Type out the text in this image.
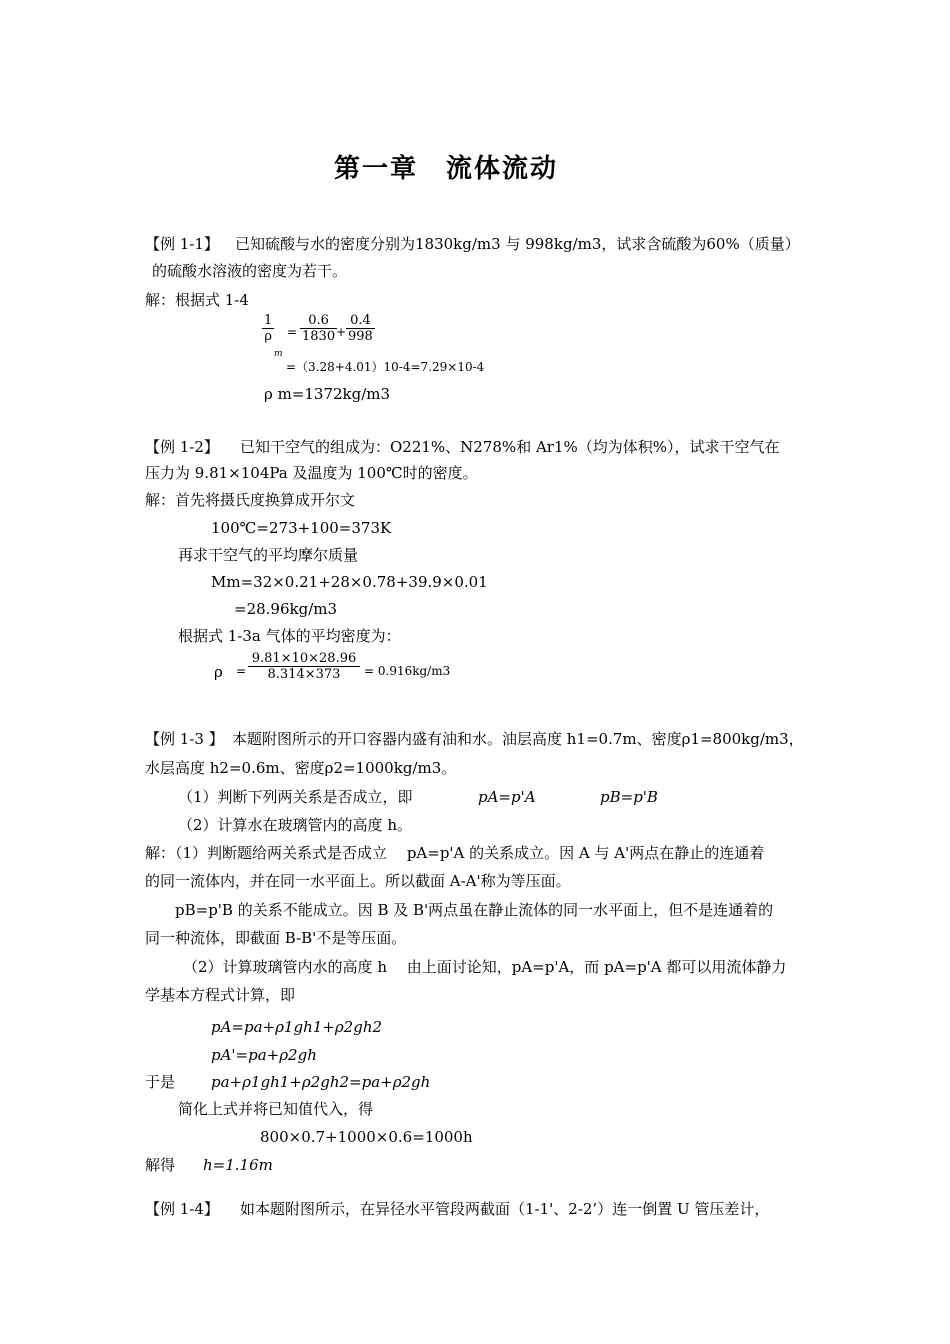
第一章　流体流动
【例 1-1】 已知硫酸与水的密度分别为1830kg/m3 与 998kg/m3，试求含硫酸为60%（质量）
的硫酸水溶液的密度为若干。
解：根据式 1-4
$\frac{1}{\rho} = \frac{0.6}{1830}$
+ $\frac{0.4}{998}$
m
=（3.28+4.01）10-4=7.29×10-4
ρ m=1372kg/m3
【例 1-2】 已知干空气的组成为：O221%、N278%和 Ar1%（均为体积%），试求干空气在
压力为 9.81×104Pa 及温度为 100℃时的密度。
解：首先将摄氏度换算成开尔文
100℃=273+100=373K
再求干空气的平均摩尔质量
Mm=32×0.21+28×0.78+39.9×0.01
=28.96kg/m3
根据式 1-3a 气体的平均密度为：
$\rho = \frac{9.81\times 10\times 28.96}{8.314\times 373} = 0.916kg/m3$
【例 1-3 】 本题附图所示的开口容器内盛有油和水。油层高度 h1=0.7m、密度ρ1=800kg/m3，
水层高度 h2=0.6m、密度ρ2=1000kg/m3。
（1）判断下列两关系是否成立，即	pA=p'A	pB=p'B
（2）计算水在玻璃管内的高度 h。
解：（1）判断题给两关系式是否成立　 pA=p'A 的关系成立。因 A 与 A'两点在静止的连通着
的同一流体内，并在同一水平面上。所以截面 A-A'称为等压面。
pB=p'B 的关系不能成立。因 B 及 B'两点虽在静止流体的同一水平面上，但不是连通着的
同一种流体，即截面 B-B'不是等压面。
（2）计算玻璃管内水的高度 h　 由上面讨论知，pA=p'A，而 pA=p'A 都可以用流体静力
学基本方程式计算，即
pA=pa+ρ1gh1+ρ2gh2
pA'=pa+ρ2gh
于是 pa+ρ1gh1+ρ2gh2=pa+ρ2gh
简化上式并将已知值代入，得
800×0.7+1000×0.6=1000h
解得 h=1.16m
【例 1-4】 如本题附图所示，在异径水平管段两截面（1-1'、2-2’）连一倒置 U 管压差计，
